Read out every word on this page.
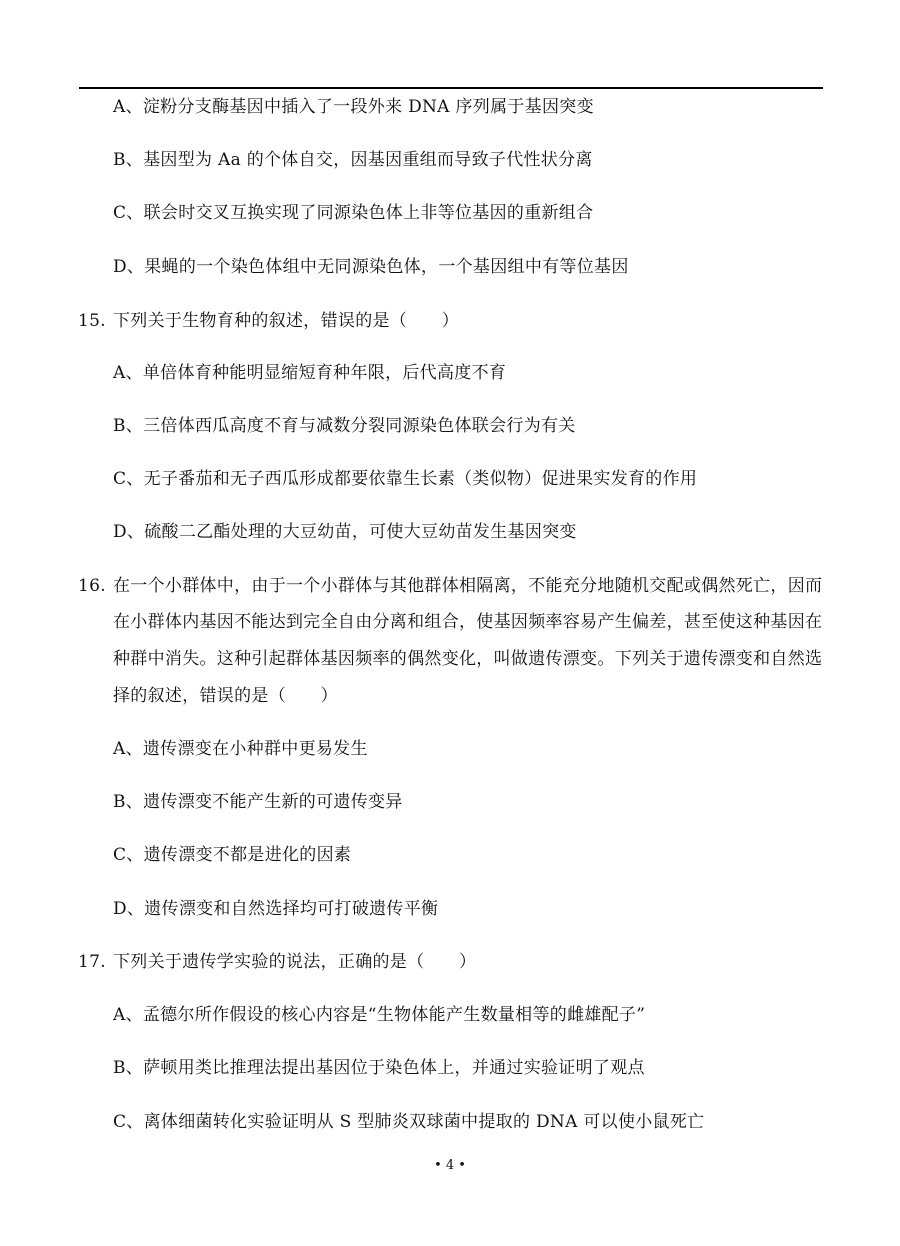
A、淀粉分支酶基因中插入了一段外来 DNA 序列属于基因突变
B、基因型为 Aa 的个体自交，因基因重组而导致子代性状分离
C、联会时交叉互换实现了同源染色体上非等位基因的重新组合
D、果蝇的一个染色体组中无同源染色体，一个基因组中有等位基因
15. 下列关于生物育种的叙述，错误的是（　　）
A、单倍体育种能明显缩短育种年限，后代高度不育
B、三倍体西瓜高度不育与减数分裂同源染色体联会行为有关
C、无子番茄和无子西瓜形成都要依靠生长素（类似物）促进果实发育的作用
D、硫酸二乙酯处理的大豆幼苗，可使大豆幼苗发生基因突变
16. 在一个小群体中，由于一个小群体与其他群体相隔离，不能充分地随机交配或偶然死亡，因而
在小群体内基因不能达到完全自由分离和组合，使基因频率容易产生偏差，甚至使这种基因在
种群中消失。这种引起群体基因频率的偶然变化，叫做遗传漂变。下列关于遗传漂变和自然选
择的叙述，错误的是（　　）
A、遗传漂变在小种群中更易发生
B、遗传漂变不能产生新的可遗传变异
C、遗传漂变不都是进化的因素
D、遗传漂变和自然选择均可打破遗传平衡
17. 下列关于遗传学实验的说法，正确的是（　　）
A、孟德尔所作假设的核心内容是“生物体能产生数量相等的雌雄配子”
B、萨顿用类比推理法提出基因位于染色体上，并通过实验证明了观点
C、离体细菌转化实验证明从 S 型肺炎双球菌中提取的 DNA 可以使小鼠死亡
• 4 •
